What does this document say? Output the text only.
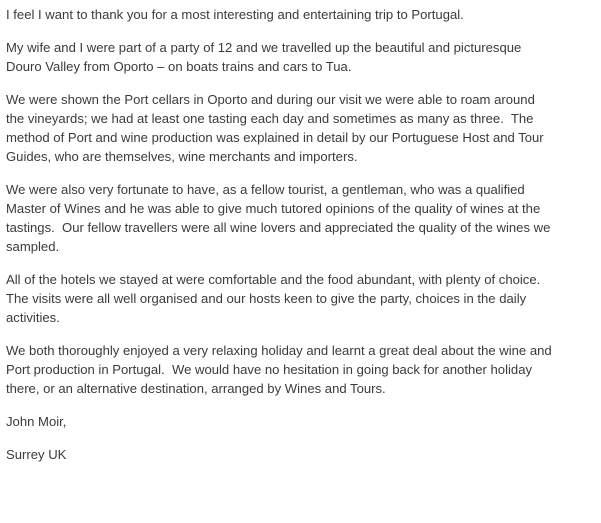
I feel I want to thank you for a most interesting and entertaining trip to Portugal.

My wife and I were part of a party of 12 and we travelled up the beautiful and picturesque
Douro Valley from Oporto – on boats trains and cars to Tua.

We were shown the Port cellars in Oporto and during our visit we were able to roam around
the vineyards; we had at least one tasting each day and sometimes as many as three.  The
method of Port and wine production was explained in detail by our Portuguese Host and Tour
Guides, who are themselves, wine merchants and importers.

We were also very fortunate to have, as a fellow tourist, a gentleman, who was a qualified
Master of Wines and he was able to give much tutored opinions of the quality of wines at the
tastings.  Our fellow travellers were all wine lovers and appreciated the quality of the wines we
sampled.

All of the hotels we stayed at were comfortable and the food abundant, with plenty of choice.
The visits were all well organised and our hosts keen to give the party, choices in the daily
activities.

We both thoroughly enjoyed a very relaxing holiday and learnt a great deal about the wine and
Port production in Portugal.  We would have no hesitation in going back for another holiday
there, or an alternative destination, arranged by Wines and Tours.

John Moir,

Surrey UK
